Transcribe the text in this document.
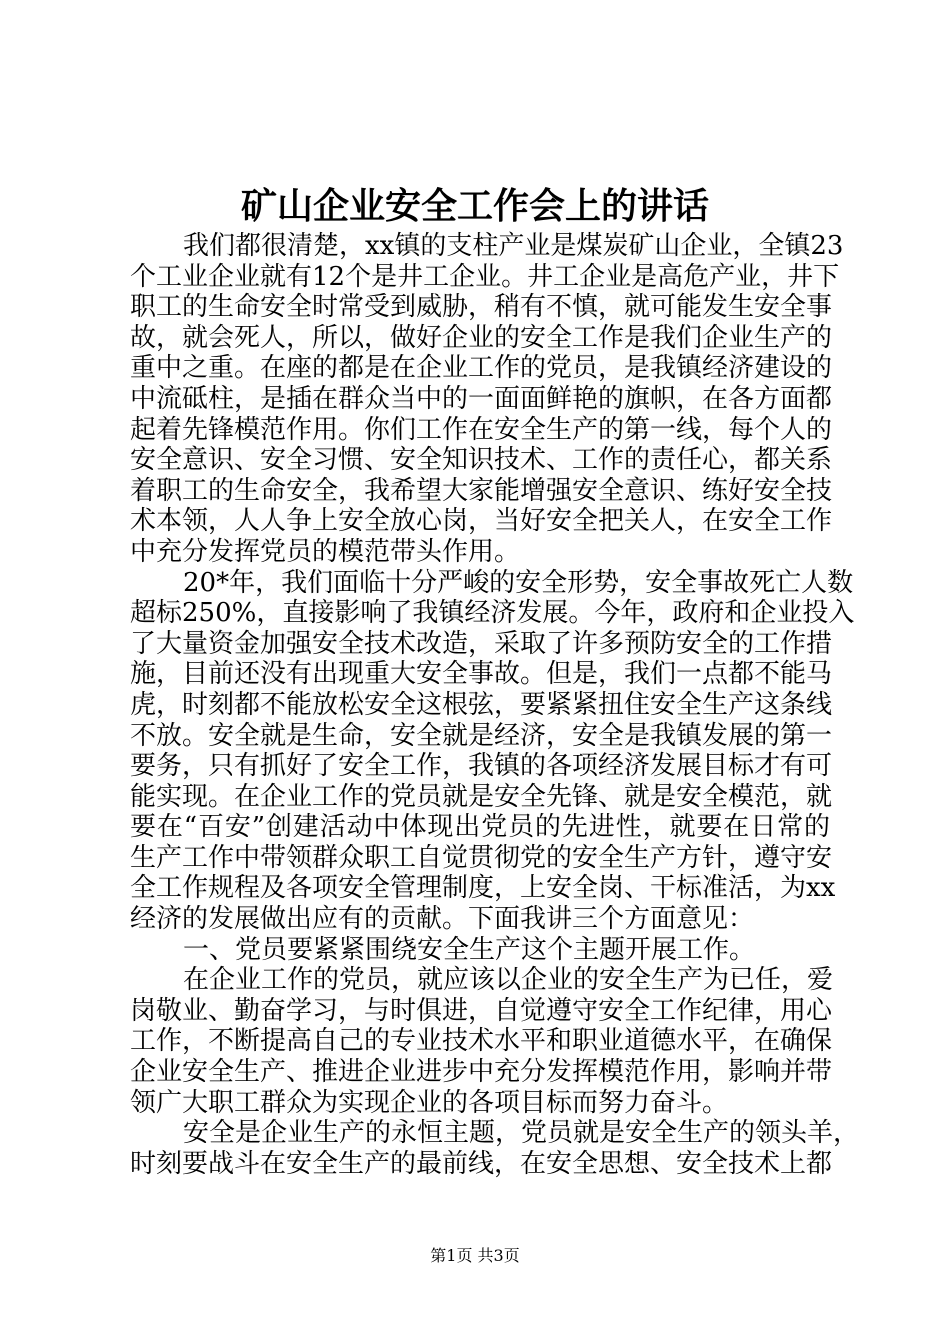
矿山企业安全工作会上的讲话
我们都很清楚，xx镇的支柱产业是煤炭矿山企业，全镇23
个工业企业就有12个是井工企业。井工企业是高危产业，井下
职工的生命安全时常受到威胁，稍有不慎，就可能发生安全事
故，就会死人，所以，做好企业的安全工作是我们企业生产的
重中之重。在座的都是在企业工作的党员，是我镇经济建设的
中流砥柱，是插在群众当中的一面面鲜艳的旗帜，在各方面都
起着先锋模范作用。你们工作在安全生产的第一线，每个人的
安全意识、安全习惯、安全知识技术、工作的责任心，都关系
着职工的生命安全，我希望大家能增强安全意识、练好安全技
术本领，人人争上安全放心岗，当好安全把关人，在安全工作
中充分发挥党员的模范带头作用。
20*年，我们面临十分严峻的安全形势，安全事故死亡人数
超标250%，直接影响了我镇经济发展。今年，政府和企业投入
了大量资金加强安全技术改造，采取了许多预防安全的工作措
施，目前还没有出现重大安全事故。但是，我们一点都不能马
虎，时刻都不能放松安全这根弦，要紧紧扭住安全生产这条线
不放。安全就是生命，安全就是经济，安全是我镇发展的第一
要务，只有抓好了安全工作，我镇的各项经济发展目标才有可
能实现。在企业工作的党员就是安全先锋、就是安全模范，就
要在“百安”创建活动中体现出党员的先进性，就要在日常的
生产工作中带领群众职工自觉贯彻党的安全生产方针，遵守安
全工作规程及各项安全管理制度，上安全岗、干标准活，为xx
经济的发展做出应有的贡献。下面我讲三个方面意见：
一、党员要紧紧围绕安全生产这个主题开展工作。
在企业工作的党员，就应该以企业的安全生产为已任，爱
岗敬业、勤奋学习，与时俱进，自觉遵守安全工作纪律，用心
工作，不断提高自己的专业技术水平和职业道德水平，在确保
企业安全生产、推进企业进步中充分发挥模范作用，影响并带
领广大职工群众为实现企业的各项目标而努力奋斗。
安全是企业生产的永恒主题，党员就是安全生产的领头羊，
时刻要战斗在安全生产的最前线，在安全思想、安全技术上都
第1页 共3页
